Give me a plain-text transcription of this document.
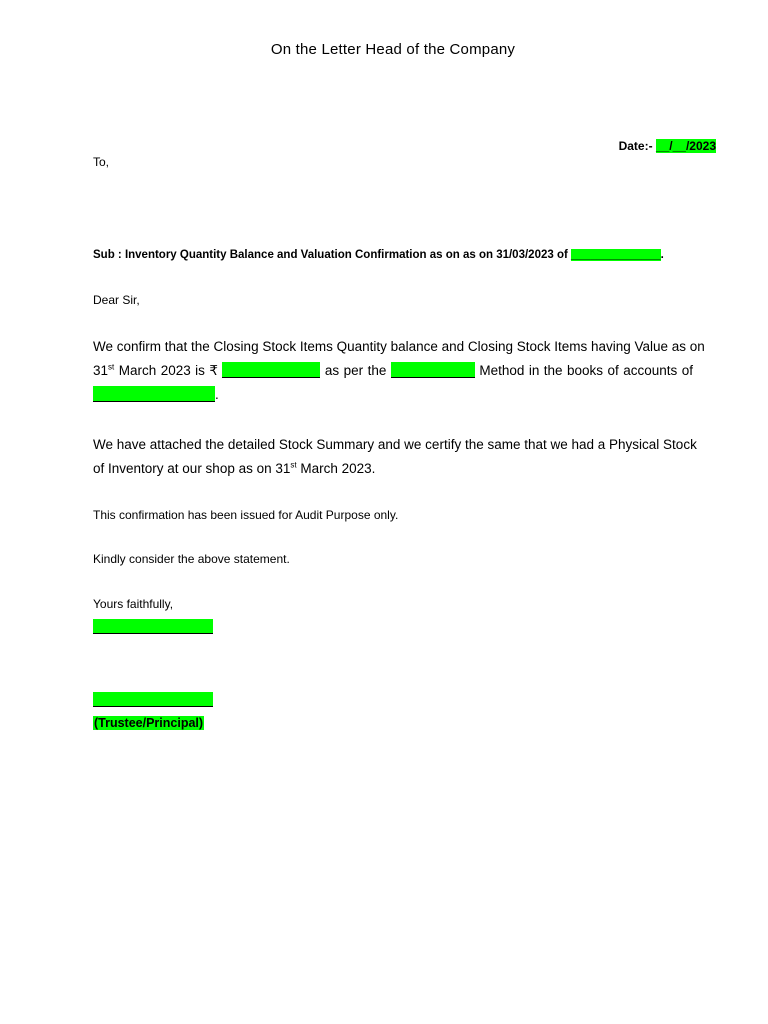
On the Letter Head of the Company
Date:- __/__/2023
To,
Sub : Inventory Quantity Balance and Valuation Confirmation as on as on 31/03/2023 of ______________.
Dear Sir,
We confirm that the Closing Stock Items Quantity balance and Closing Stock Items having Value as on
31st March 2023 is ₹	as per the	Method in the books of accounts of
.
We have attached the detailed Stock Summary and we certify the same that we had a Physical Stock
of Inventory at our shop as on 31st March 2023.
This confirmation has been issued for Audit Purpose only.
Kindly consider the above statement.
Yours faithfully,
(Trustee/Principal)
